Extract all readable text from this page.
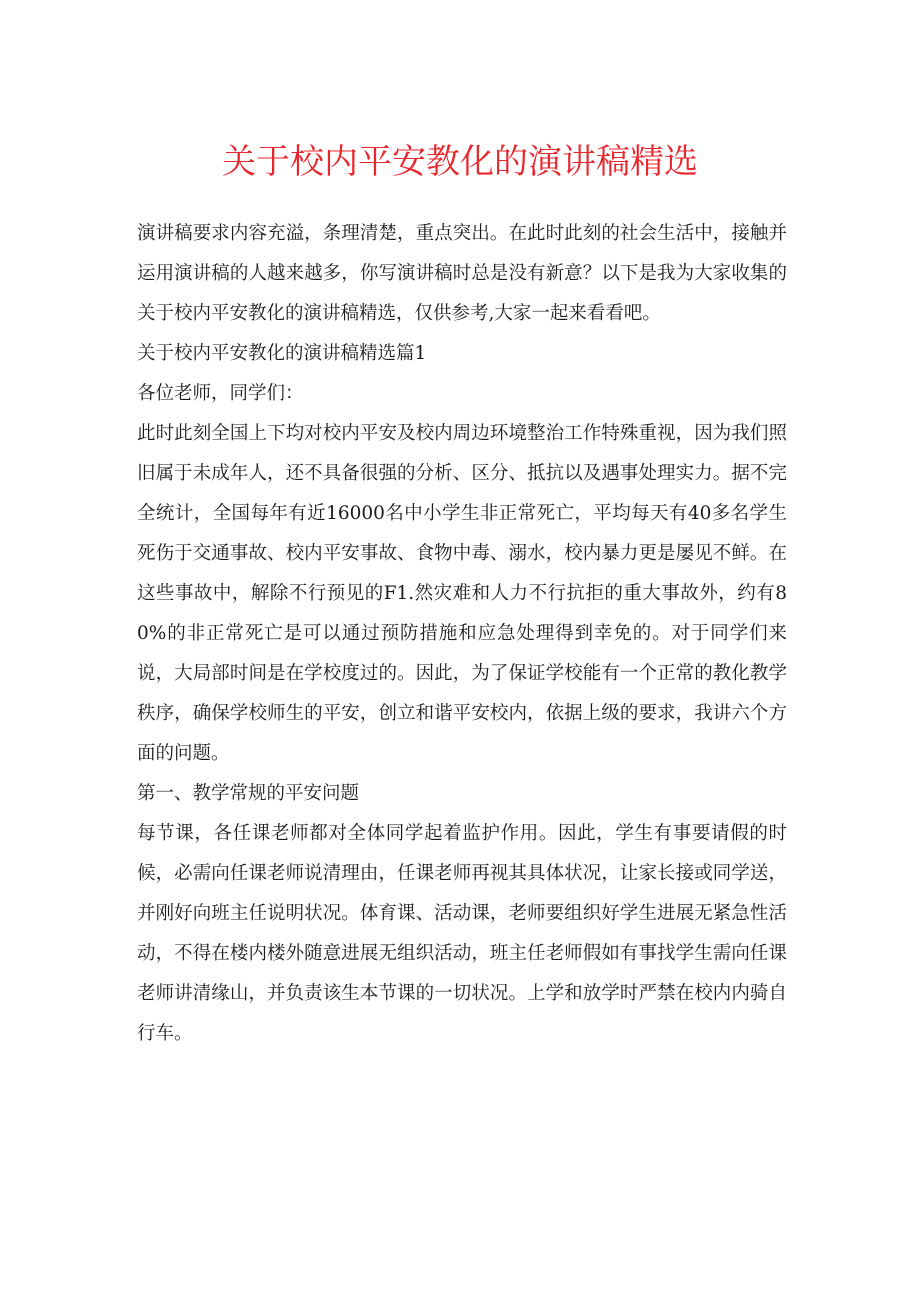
关于校内平安教化的演讲稿精选

演讲稿要求内容充溢，条理清楚，重点突出。在此时此刻的社会生活中，接触并运用演讲稿的人越来越多，你写演讲稿时总是没有新意？以下是我为大家收集的关于校内平安教化的演讲稿精选，仅供参考,大家一起来看看吧。

关于校内平安教化的演讲稿精选篇1

各位老师，同学们：

此时此刻全国上下均对校内平安及校内周边环境整治工作特殊重视，因为我们照旧属于未成年人，还不具备很强的分析、区分、抵抗以及遇事处理实力。据不完全统计，全国每年有近16000名中小学生非正常死亡，平均每天有40多名学生死伤于交通事故、校内平安事故、食物中毒、溺水，校内暴力更是屡见不鲜。在这些事故中，解除不行预见的F1.然灾难和人力不行抗拒的重大事故外，约有80%的非正常死亡是可以通过预防措施和应急处理得到幸免的。对于同学们来说，大局部时间是在学校度过的。因此，为了保证学校能有一个正常的教化教学秩序，确保学校师生的平安，创立和谐平安校内，依据上级的要求，我讲六个方面的问题。

第一、教学常规的平安问题

每节课，各任课老师都对全体同学起着监护作用。因此，学生有事要请假的时候，必需向任课老师说清理由，任课老师再视其具体状况，让家长接或同学送，并刚好向班主任说明状况。体育课、活动课，老师要组织好学生进展无紧急性活动，不得在楼内楼外随意进展无组织活动，班主任老师假如有事找学生需向任课老师讲清缘山，并负责该生本节课的一切状况。上学和放学时严禁在校内内骑自行车。
